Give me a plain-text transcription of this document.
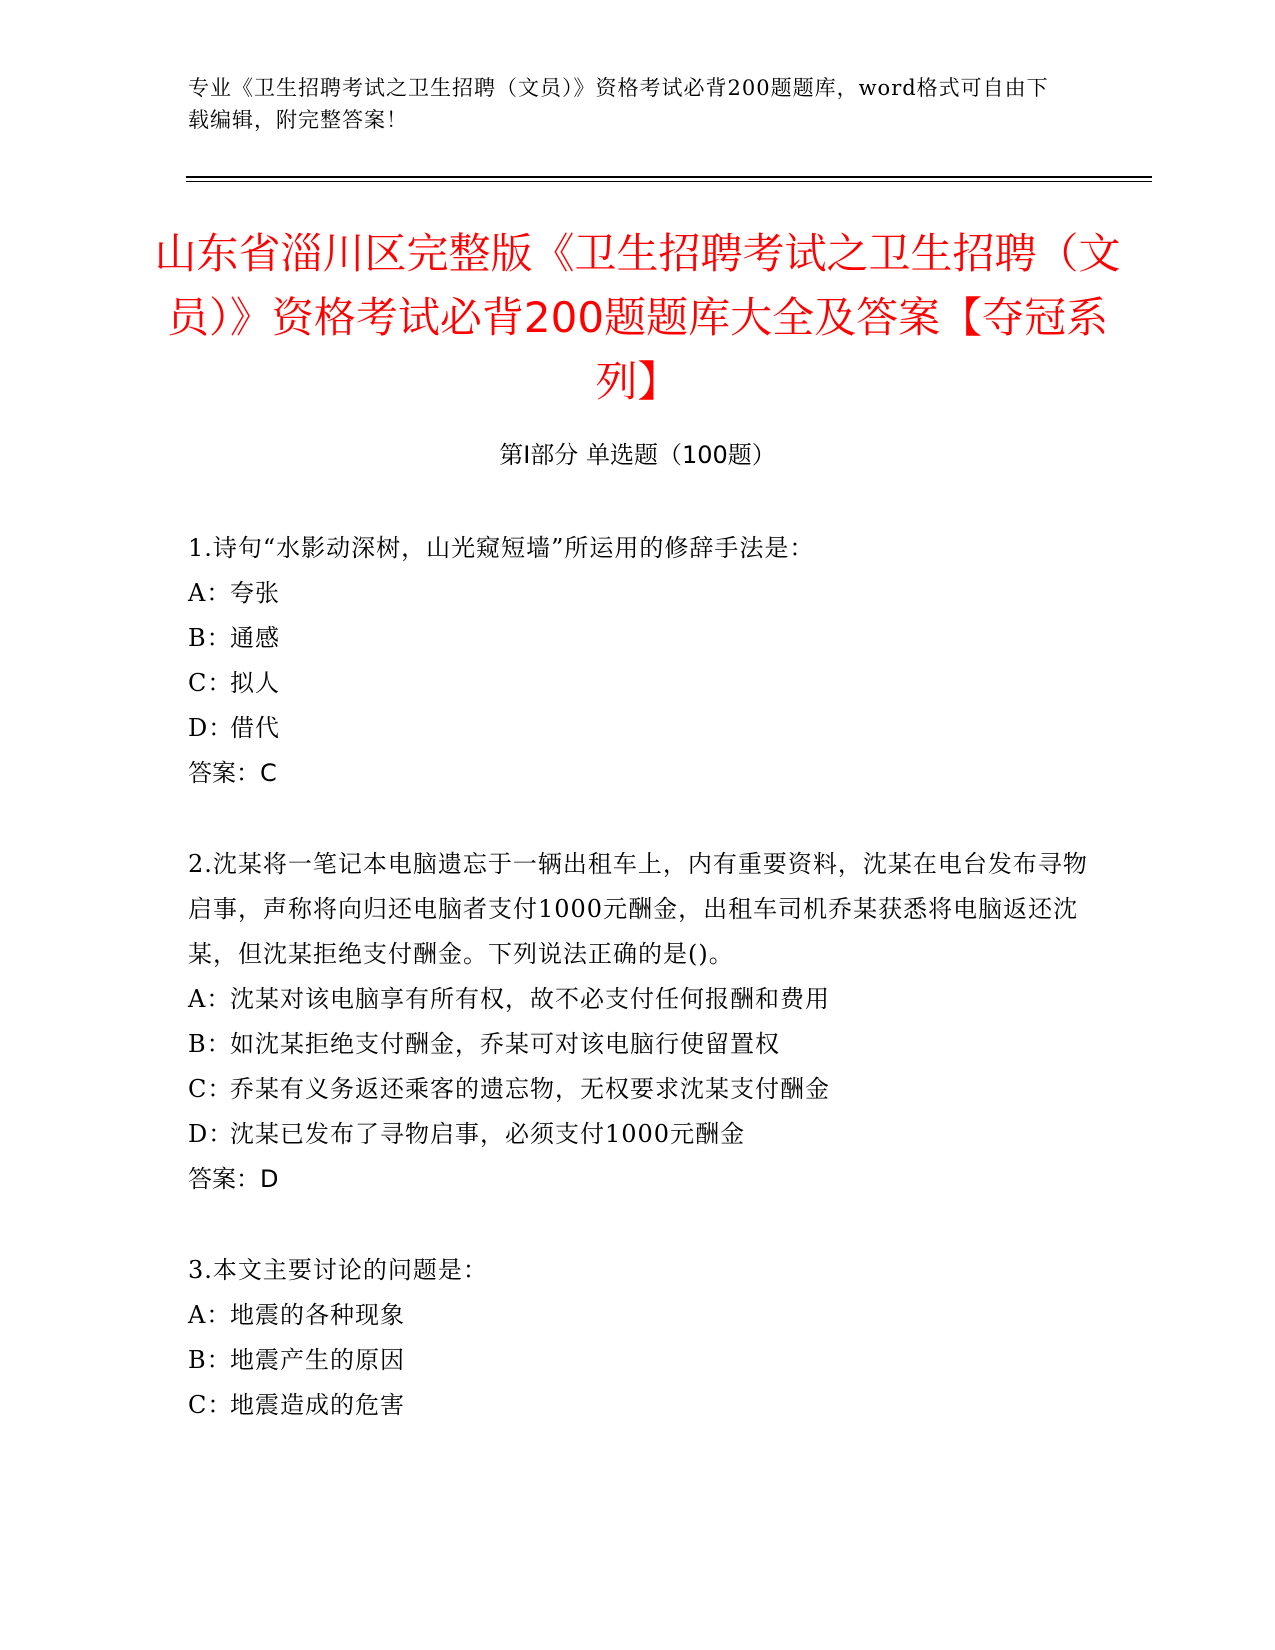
专业《卫生招聘考试之卫生招聘（文员）》资格考试必背200题题库，word格式可自由下载编辑，附完整答案！
山东省淄川区完整版《卫生招聘考试之卫生招聘（文员）》资格考试必背200题题库大全及答案【夺冠系列】
第Ⅰ部分 单选题（100题）
1.诗句“水影动深树，山光窥短墙”所运用的修辞手法是：
A：夸张
B：通感
C：拟人
D：借代
答案：C
2.沈某将一笔记本电脑遗忘于一辆出租车上，内有重要资料，沈某在电台发布寻物启事，声称将向归还电脑者支付1000元酬金，出租车司机乔某获悉将电脑返还沈某，但沈某拒绝支付酬金。下列说法正确的是()。
A：沈某对该电脑享有所有权，故不必支付任何报酬和费用
B：如沈某拒绝支付酬金，乔某可对该电脑行使留置权
C：乔某有义务返还乘客的遗忘物，无权要求沈某支付酬金
D：沈某已发布了寻物启事，必须支付1000元酬金
答案：D
3.本文主要讨论的问题是：
A：地震的各种现象
B：地震产生的原因
C：地震造成的危害
